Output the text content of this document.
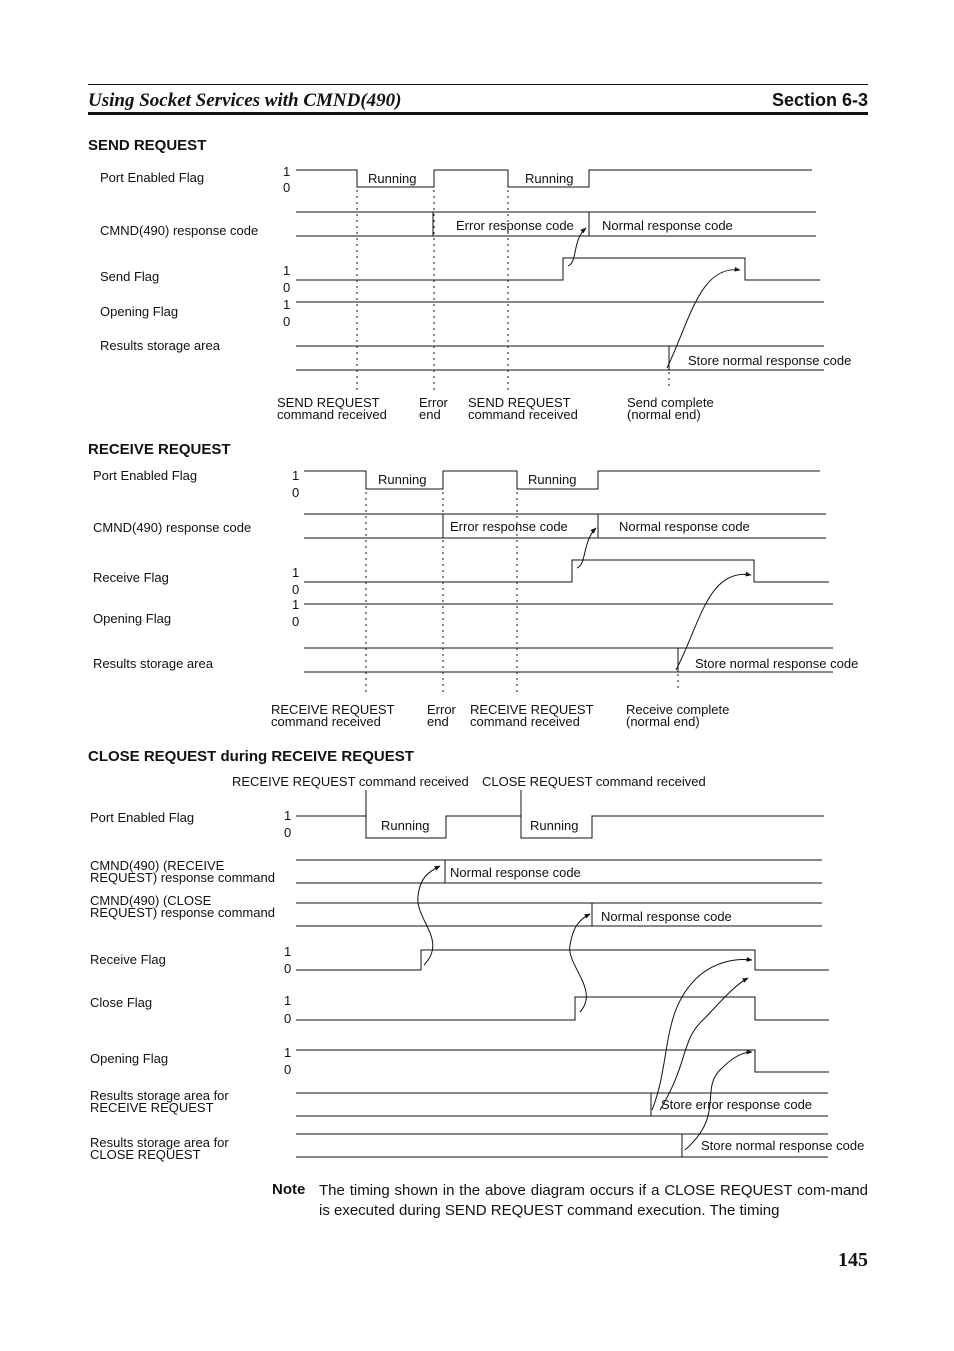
Using Socket Services with CMND(490)	Section 6-3
SEND REQUEST
RECEIVE REQUEST
CLOSE REQUEST during RECEIVE REQUEST
Port Enabled Flag
CMND(490) response code
Send Flag
Opening Flag
Results storage area
1
0
1
0
1
0
Running	Running
Error response code Normal response code
Store normal response code
SEND REQUEST
command received
Error
end
SEND REQUEST
command received
Send complete
(normal end)
Port Enabled Flag
CMND(490) response code
Receive Flag
Opening Flag
Results storage area
1
0
1
0
1
0
Running	Running
Error response code	Normal response code
Store normal response code
RECEIVE REQUEST
command received
Error
end
RECEIVE REQUEST
command received
Receive complete
(normal end)
RECEIVE REQUEST command received CLOSE REQUEST command received
Port Enabled Flag
CMND(490) (RECEIVE
REQUEST) response command
CMND(490) (CLOSE
REQUEST) response command
Receive Flag
Close Flag
Opening Flag
Results storage area for
RECEIVE REQUEST
Results storage area for
CLOSE REQUEST
1
0
1
0
1
0
1
0
Running	Running
Normal response code
Normal response code
Store error response code
Store normal response code
Note The timing shown in the above diagram occurs if a CLOSE REQUEST com-mand is executed during SEND REQUEST command execution. The timing
145
